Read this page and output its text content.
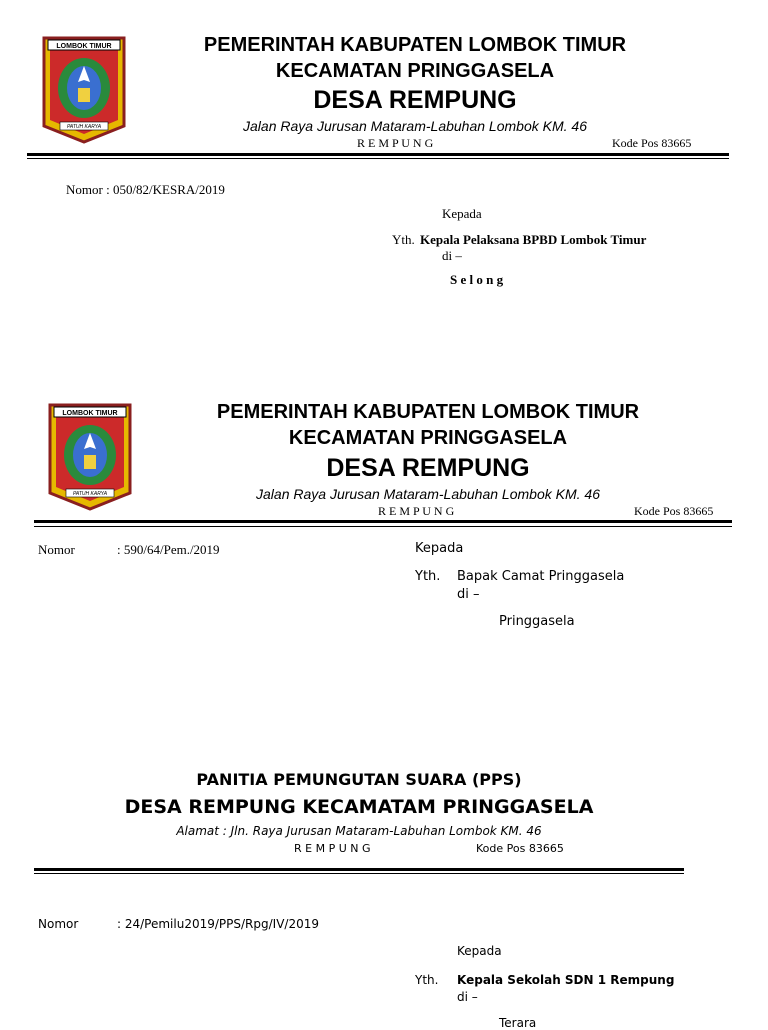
LOMBOK TIMUR
PATUH KARYA
PEMERINTAH KABUPATEN LOMBOK TIMUR
KECAMATAN PRINGGASELA
DESA REMPUNG
Jalan Raya Jurusan Mataram-Labuhan Lombok KM. 46
R E M P U N G	Kode Pos 83665
Nomor : 050/82/KESRA/2019
Kepada
Yth. Kepala Pelaksana BPBD Lombok Timur
di –
S e l o n g
LOMBOK TIMUR
PATUH KARYA
PEMERINTAH KABUPATEN LOMBOK TIMUR
KECAMATAN PRINGGASELA
DESA REMPUNG
Jalan Raya Jurusan Mataram-Labuhan Lombok KM. 46
R E M P U N G	Kode Pos 83665
Nomor	: 590/64/Pem./2019	Kepada
Yth. Bapak Camat Pringgasela
di –
Pringgasela
PANITIA PEMUNGUTAN SUARA (PPS)
DESA REMPUNG KECAMATAM PRINGGASELA
Alamat : Jln. Raya Jurusan Mataram-Labuhan Lombok KM. 46
R E M P U N G	Kode Pos 83665
Nomor	: 24/Pemilu2019/PPS/Rpg/IV/2019
Kepada
Yth. Kepala Sekolah SDN 1 Rempung
di –
Terara
